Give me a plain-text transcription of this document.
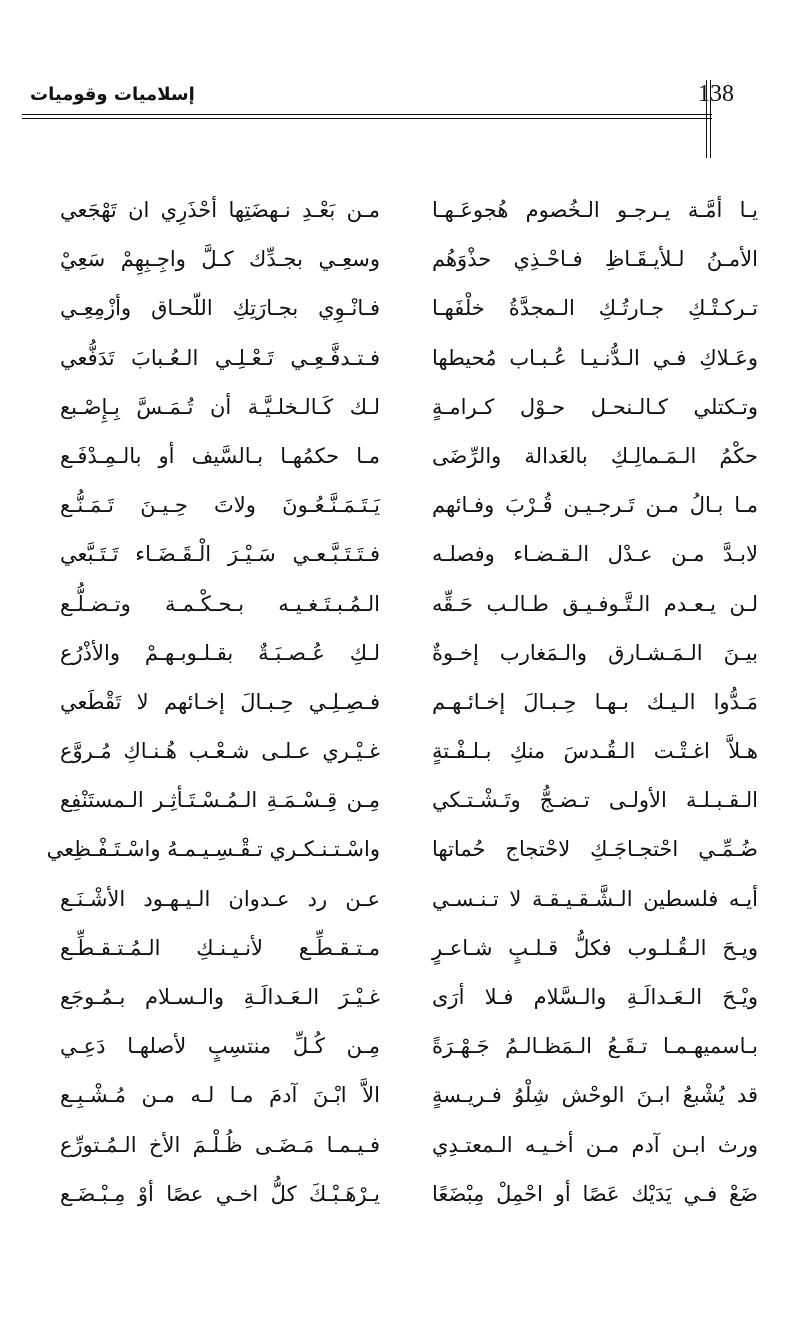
138
إسلاميات وقوميات
يـا أمَّـة يـرجـو الـخُصوم هُجوعَـهـا
مـن بَعْـدِ نـهضَتِها أحْذَرِي ان تَهْجَعي
الأمـنُ لـلأيـقَـاظِ فـاحْـذِي حذْوَهُم
وسعِـي بجـدِّك كـلَّ واجِـبِهِمْ سَعِيْ
تـركـتْـكِ جـارتُـكِ الـمجدَّةُ خلْفَهـا
فـانْـوِي بجـارَتِكِ اللّحـاق وأزْمِعِـي
وعَـلاكِ فـي الـدُّنـيـا عُـبـاب مُحيطها
فـتـدفَّـعِـي تَـعْـلِـي الـعُـبابَ تَدَفُّعي
وتـكتلي كـالـنحـل حـوْل كـرامـةٍ
لـك كَـالـخلـيَّـة أن تُـمَـسَّ بِـإِصْـبع
حكْمُ الـمَـمالِـكِ بالعَدالة والرِّضَى
مـا حكمُهـا بـالسَّيف أو بالـمِـدْفَـع
مـا بـالُ مـن تَـرجـيـن قُـرْبَ وفـائهم
يَـتَـمَـنَّـعُـونَ ولاتَ حِـيـنَ تَـمَـنُّـع
لابـدَّ مـن عـدْل الـقـضـاء وفصلـه
فـتَـتَـبَّـعـي سَـيْـرَ الْـقَـضَـاء تَـتَـبَّعي
لـن يـعـدم الـتَّـوفـيـق طـالـب حَـقِّه
الـمُـبـتَـغـيـه بـحـكْـمـة وتـضـلُّـع
بيـنَ الـمَـشـارق والـمَغارب إخـوةٌ
لـكِ عُـصـبَـةٌ بقـلـوبـهـمْ والأذْرُع
مَـدُّوا الـيـك بـهـا حِـبـالَ إخـائـهـم
فـصِـلِـي حِـبـالَ إخـائهم لا تَقْطَعي
هـلاَّ اغـتْـت الـقُـدسَ منكِ بـلـفْـتةٍ
غـيْـري عـلـى شـعْـب هُـنـاكِ مُـروَّع
الـقـبـلـة الأولـى تـضـجُّ وتَـشْـتـكي
مِـن قِـسْـمَـةِ الـمُـسْـتَـأثِـر الـمستَنْفِع
ضُـمِّـي احْتجـاجَـكِ لاحْتجاج حُماتها
واسْـتـنـكـري تـقْـسِـيـمـهُ واسْـتَـفْـظِعي
أيـه فلسطين الـشَّـقـيـقـة لا تـنـسـي
عـن رد عـدوان الـيـهـود الأشْـنَـع
ويـحَ الـقُـلـوب فكلُّ قـلـبٍ شـاعـرٍ
مـتـقـطِّـع لأنـيـنـكِ الـمُـتـقـطِّـع
ويْـحَ الـعَـدالَـةِ والـسَّلام فـلا أرَى
غـيْـرَ الـعَـدالَـةِ والـسـلام بـمُـوجَع
بـاسميهـمـا تـقَـعُ الـمَظـالـمُ جَـهْـرَةً
مِـن كُـلِّ منتسِبٍ لأصلهـا دَعِـي
قد يُشْبعُ ابـنَ الوحْش شِلْوُ فـريـسةٍ
الاَّ ابْـنَ آدمَ مـا لـه مـن مُـشْـبِـع
ورث ابـن آدم مـن أخـيـه الـمعتـدِي
فـيـمـا مَـضَـى ظُـلْـمَ الأخ الـمُـتورِّع
ضَعْ فـي يَدَيْك عَصًا أو احْمِلْ مِبْضَعًا
يـرْهَـبْـكَ كلُّ اخـي عصًا أوْ مِـبْـضَـع
